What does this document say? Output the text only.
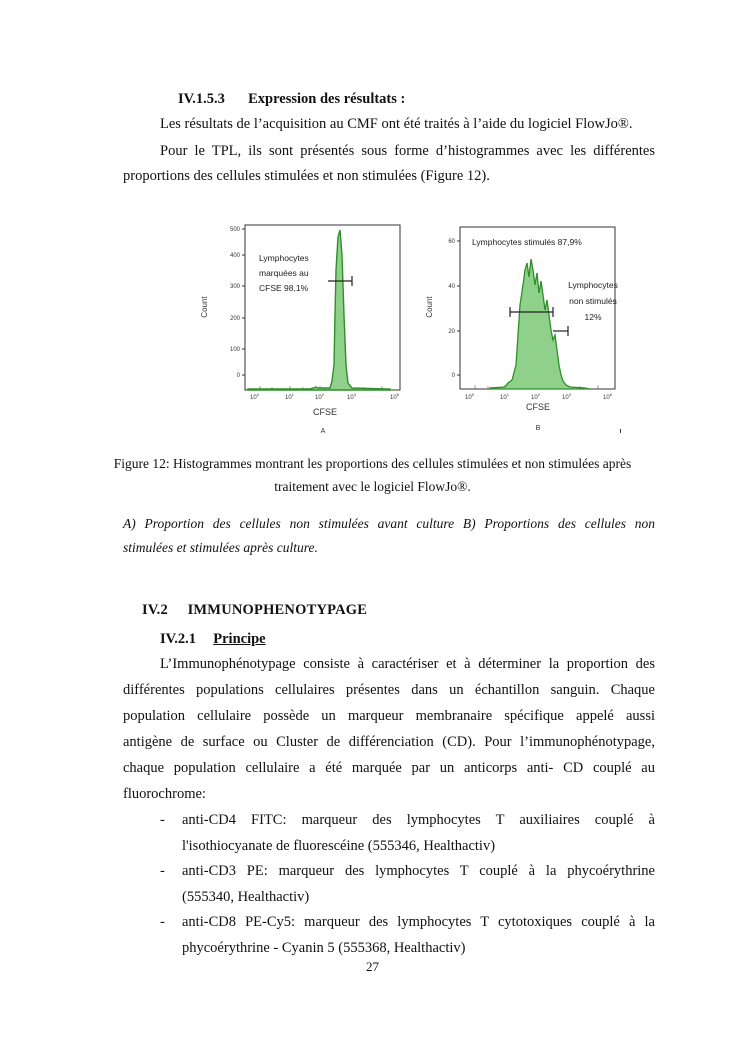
IV.1.5.3 Expression des résultats :
Les résultats de l’acquisition au CMF ont été traités à l’aide du logiciel FlowJo®.
Pour le TPL, ils sont présentés sous forme d’histogrammes avec les différentes
proportions des cellules stimulées et non stimulées (Figure 12).
500
400
300
200
100
0
Count
Lymphocytes
marquées au
CFSE 98,1%
$10^0$
$10^1$
$10^2$
$10^3$
$10^6$
CFSE
A
60
40
20
0
Count
Lymphocytes stimulés 87,9%
Lymphocytes
non stimulés
12%
$10^0$
$10^1$
$10^2$
$10^3$
$10^6$
CFSE
B
Figure 12: Histogrammes montrant les proportions des cellules stimulées et non stimulées après
traitement avec le logiciel FlowJo®.
A) Proportion des cellules non stimulées avant culture B) Proportions des cellules non
stimulées et stimulées après culture.
IV.2 IMMUNOPHENOTYPAGE
IV.2.1 Principe
L’Immunophénotypage consiste à caractériser et à déterminer la proportion des
différentes populations cellulaires présentes dans un échantillon sanguin. Chaque
population cellulaire possède un marqueur membranaire spécifique appelé aussi
antigène de surface ou Cluster de différenciation (CD). Pour l’immunophénotypage,
chaque population cellulaire a été marquée par un anticorps anti- CD couplé au
fluorochrome:
- anti-CD4 FITC: marqueur des lymphocytes T auxiliaires couplé à
l'isothiocyanate de fluorescéine (555346, Healthactiv)
- anti-CD3 PE: marqueur des lymphocytes T couplé à la phycoérythrine
(555340, Healthactiv)
- anti-CD8 PE-Cy5: marqueur des lymphocytes T cytotoxiques couplé à la
phycoérythrine - Cyanin 5 (555368, Healthactiv)
27
